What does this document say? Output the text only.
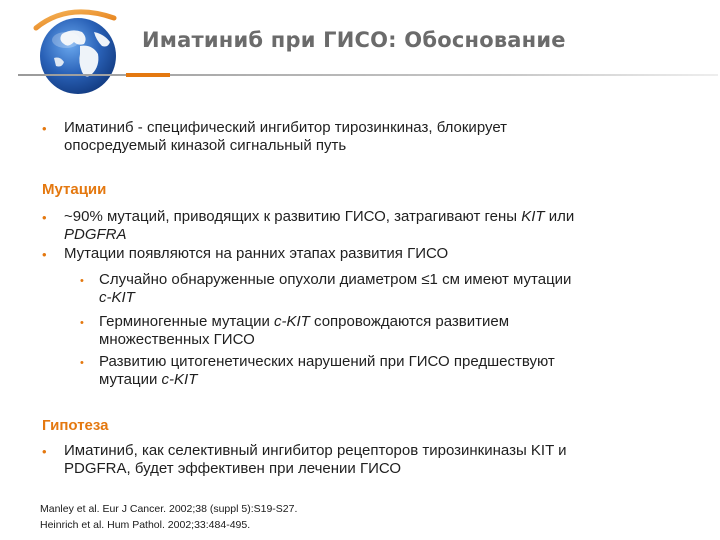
Иматиниб при ГИСО: Обоснование
• Иматиниб - специфический ингибитор тирозинкиназ, блокирует
опосредуемый киназой сигнальный путь
Мутации
• ~90% мутаций, приводящих к развитию ГИСО, затрагивают гены KIT или
PDGFRA
• Мутации появляются на ранних этапах развития ГИСО
• Случайно обнаруженные опухоли диаметром ≤1 см имеют мутации
c-KIT
• Герминогенные мутации c-KIT сопровождаются развитием
множественных ГИСО
• Развитию цитогенетических нарушений при ГИСО предшествуют
мутации c-KIT
Гипотеза
• Иматиниб, как селективный ингибитор рецепторов тирозинкиназы KIT и
PDGFRA, будет эффективен при лечении ГИСО
Manley et al. Eur J Cancer. 2002;38 (suppl 5):S19-S27.
Heinrich et al. Hum Pathol. 2002;33:484-495.
